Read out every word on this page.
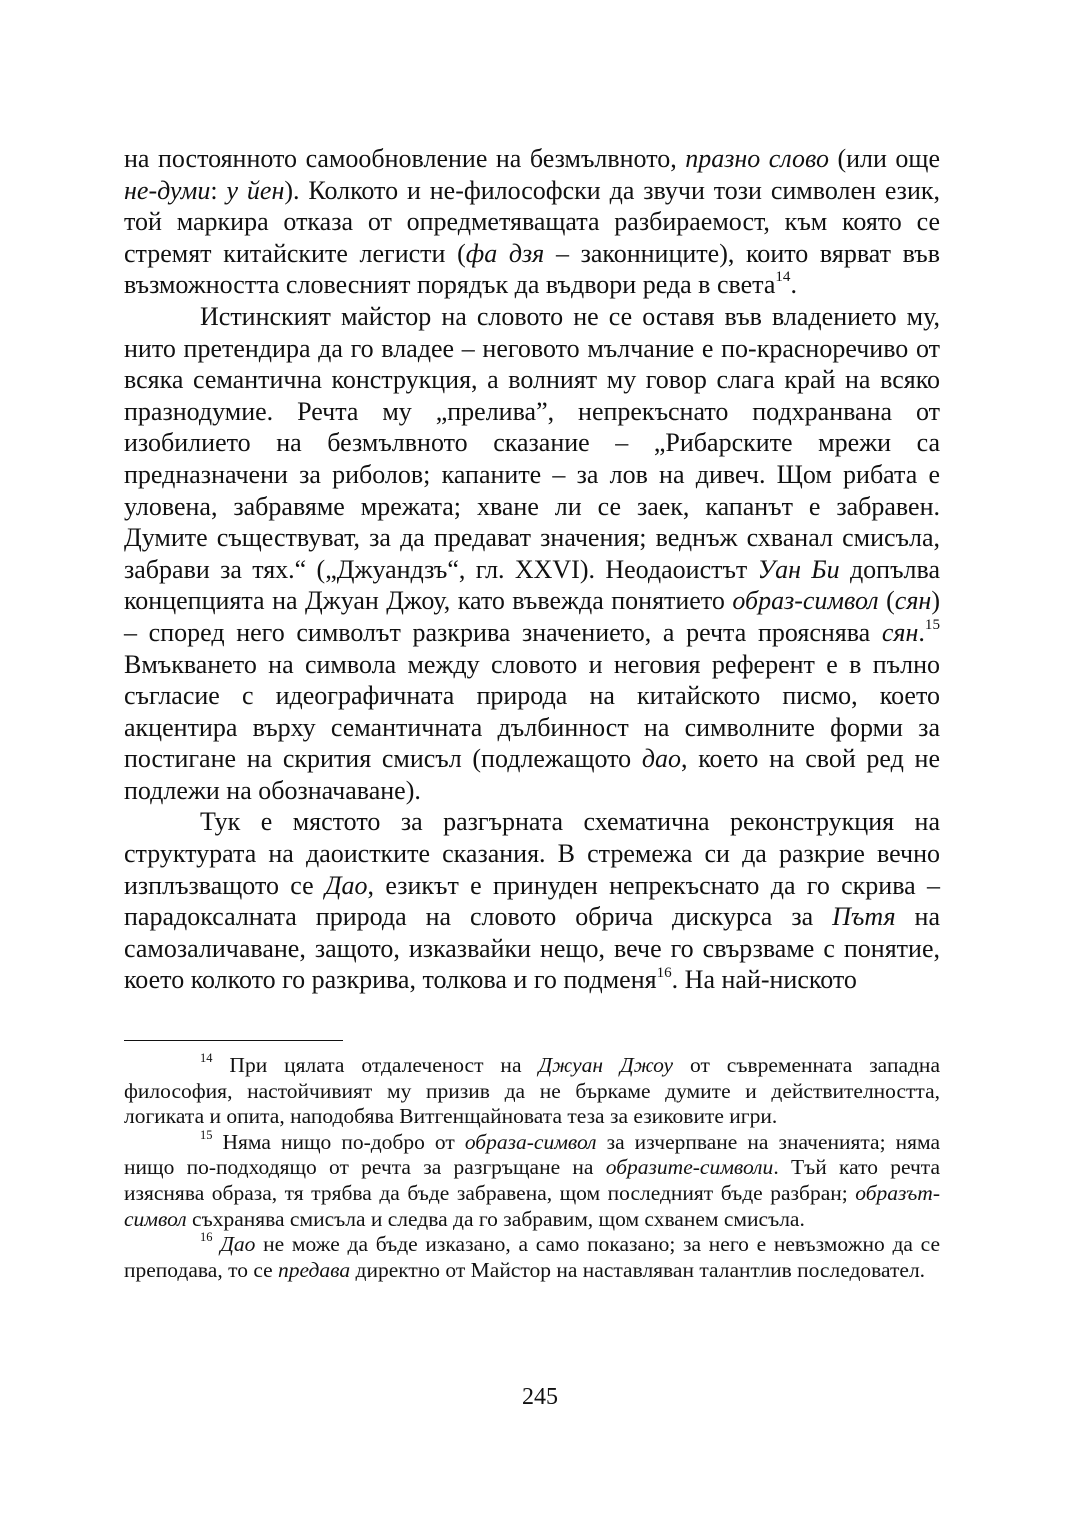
на постоянното самообновление на безмълвното, празно слово (или още не-думи: у йен). Колкото и не-философски да звучи този символен език, той маркира отказа от опредметяващата разбираемост, към която се стремят китайските легисти (фа дзя – законниците), които вярват във възможността словесният порядък да въдвори реда в света$^{14}$.

Истинският майстор на словото не се оставя във владението му, нито претендира да го владее – неговото мълчание е по-красноречиво от всяка семантична конструкция, а волният му говор слага край на всяко празнодумие. Речта му „прелива”, непрекъснато подхранвана от изобилието на безмълвното сказание – „Рибарските мрежи са предназначени за риболов; капаните – за лов на дивеч. Щом рибата е уловена, забравяме мрежата; хване ли се заек, капанът е забравен. Думите съществуват, за да предават значения; веднъж схванал смисъла, забрави за тях.“ („Джуандзъ“, гл. XXVI). Неодаоистът Уан Би допълва концепцията на Джуан Джоу, като въвежда понятието образ-символ (сян) – според него символът разкрива значението, а речта прояснява сян.$^{15}$ Вмъкването на символа между словото и неговия референт е в пълно съгласие с идеографичната природа на китайското писмо, което акцентира върху семантичната дълбинност на символните форми за постигане на скрития смисъл (подлежащото дао, което на свой ред не подлежи на обозначаване).

Тук е мястото за разгърната схематична реконструкция на структурата на даоистките сказания. В стремежа си да разкрие вечно изплъзващото се Дао, езикът е принуден непрекъснато да го скрива – парадоксалната природа на словото обрича дискурса за Пътя на самозаличаване, защото, изказвайки нещо, вече го свързваме с понятие, което колкото го разкрива, толкова и го подменя$^{16}$. На най-ниското

$^{14}$ При цялата отдалеченост на Джуан Джоу от съвременната западна философия, настойчивият му призив да не бъркаме думите и действителността, логиката и опита, наподобява Витгенщайновата теза за езиковите игри.

$^{15}$ Няма нищо по-добро от образа-символ за изчерпване на значенията; няма нищо по-подходящо от речта за разгръщане на образите-символи. Тъй като речта изяснява образа, тя трябва да бъде забравена, щом последният бъде разбран; образът-символ съхранява смисъла и следва да го забравим, щом схванем смисъла.

$^{16}$ Дао не може да бъде изказано, а само показано; за него е невъзможно да се преподава, то се предава директно от Майстор на наставляван талантлив последовател.

245
